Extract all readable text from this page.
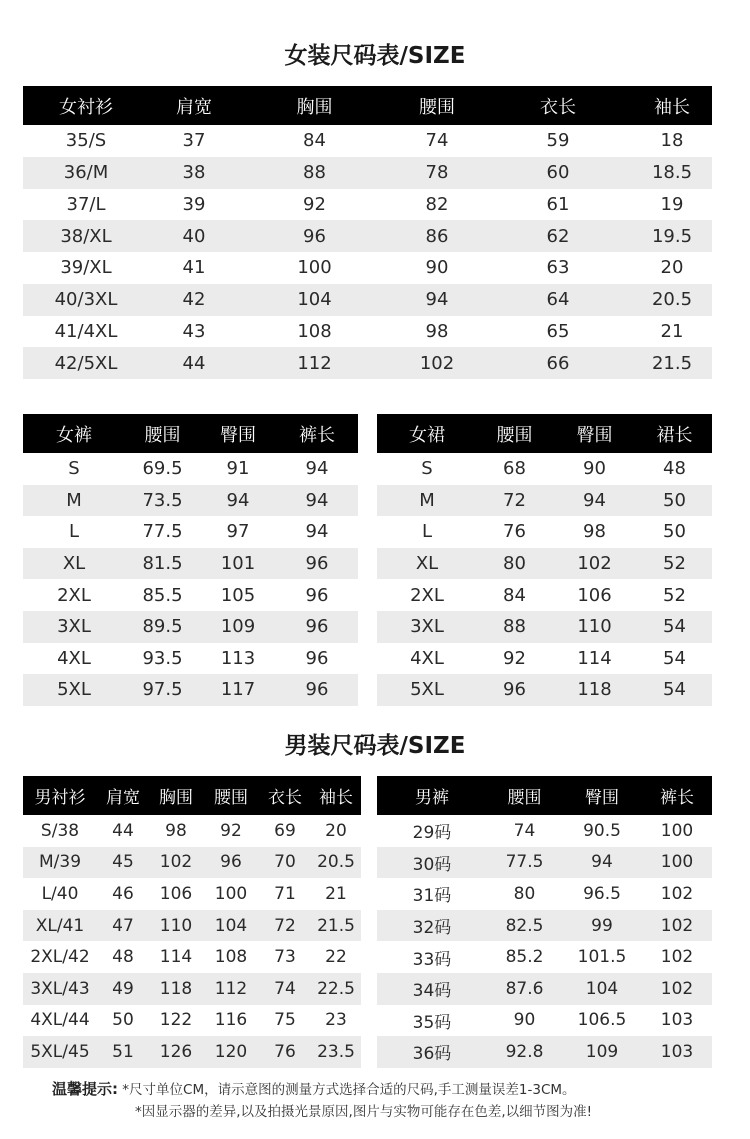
女装尺码表/SIZE
女衬衫	肩宽	胸围	腰围	衣长	袖长
35/S	37	84	74	59	18
36/M	38	88	78	60	18.5
37/L	39	92	82	61	19
38/XL	40	96	86	62	19.5
39/XL	41	100	90	63	20
40/3XL	42	104	94	64	20.5
41/4XL	43	108	98	65	21
42/5XL	44	112	102	66	21.5
女裤	腰围	臀围	裤长
S	69.5	91	94
M	73.5	94	94
L	77.5	97	94
XL	81.5	101	96
2XL	85.5	105	96
3XL	89.5	109	96
4XL	93.5	113	96
5XL	97.5	117	96
女裙	腰围	臀围	裙长
S	68	90	48
M	72	94	50
L	76	98	50
XL	80	102	52
2XL	84	106	52
3XL	88	110	54
4XL	92	114	54
5XL	96	118	54
男装尺码表/SIZE
男衬衫	肩宽	胸围	腰围	衣长	袖长
S/38	44	98	92	69	20
M/39	45	102	96	70	20.5
L/40	46	106	100	71	21
XL/41	47	110	104	72	21.5
2XL/42	48	114	108	73	22
3XL/43	49	118	112	74	22.5
4XL/44	50	122	116	75	23
5XL/45	51	126	120	76	23.5
男裤	腰围	臀围	裤长
29码	74	90.5	100
30码	77.5	94	100
31码	80	96.5	102
32码	82.5	99	102
33码	85.2	101.5	102
34码	87.6	104	102
35码	90	106.5	103
36码	92.8	109	103
温馨提示: *尺寸单位CM，请示意图的测量方式选择合适的尺码,手工测量误差1-3CM。
*因显示器的差异,以及拍摄光景原因,图片与实物可能存在色差,以细节图为准!
